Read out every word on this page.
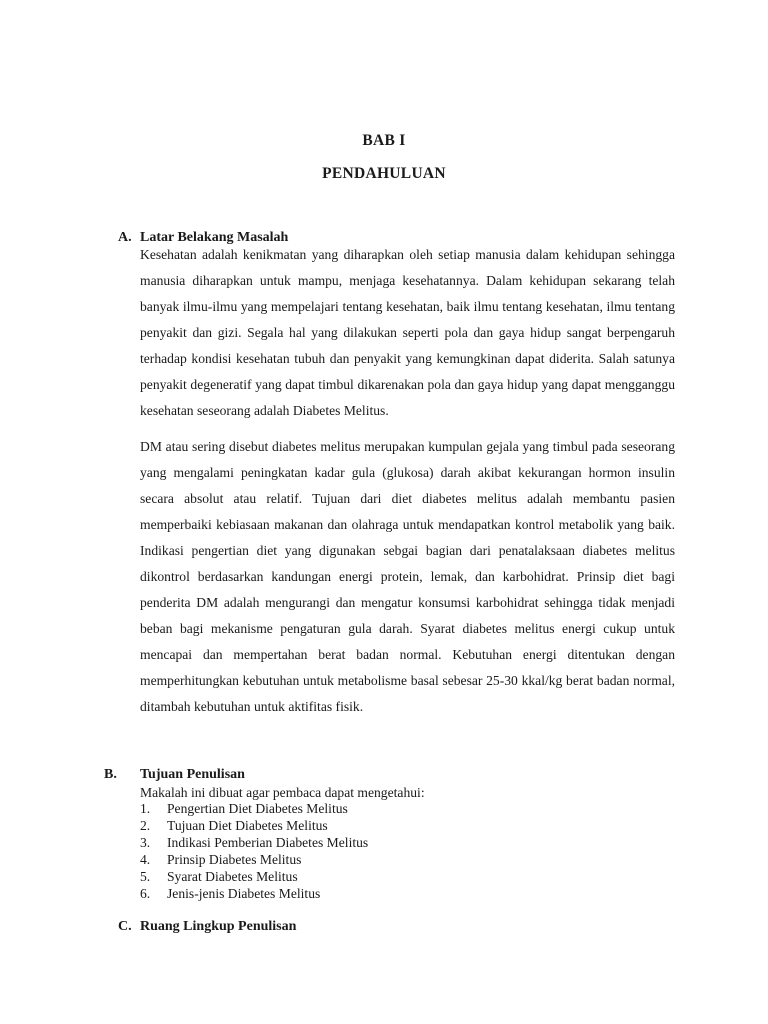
BAB I
PENDAHULUAN
A. Latar Belakang Masalah

Kesehatan adalah kenikmatan yang diharapkan oleh setiap manusia dalam kehidupan sehingga manusia diharapkan untuk mampu, menjaga kesehatannya. Dalam kehidupan sekarang telah banyak ilmu-ilmu yang mempelajari tentang kesehatan, baik ilmu tentang kesehatan, ilmu tentang penyakit dan gizi. Segala hal yang dilakukan seperti pola dan gaya hidup sangat berpengaruh terhadap kondisi kesehatan tubuh dan penyakit yang kemungkinan dapat diderita. Salah satunya penyakit degeneratif yang dapat timbul dikarenakan pola dan gaya hidup yang dapat mengganggu kesehatan seseorang adalah Diabetes Melitus.

DM atau sering disebut diabetes melitus merupakan kumpulan gejala yang timbul pada seseorang yang mengalami peningkatan kadar gula (glukosa) darah akibat kekurangan hormon insulin secara absolut atau relatif. Tujuan dari diet diabetes melitus adalah membantu pasien memperbaiki kebiasaan makanan dan olahraga untuk mendapatkan kontrol metabolik yang baik. Indikasi pengertian diet yang digunakan sebgai bagian dari penatalaksaan diabetes melitus dikontrol berdasarkan kandungan energi protein, lemak, dan karbohidrat. Prinsip diet bagi penderita DM adalah mengurangi dan mengatur konsumsi karbohidrat sehingga tidak menjadi beban bagi mekanisme pengaturan gula darah. Syarat diabetes melitus energi cukup untuk mencapai dan mempertahan berat badan normal. Kebutuhan energi ditentukan dengan memperhitungkan kebutuhan untuk metabolisme basal sebesar 25-30 kkal/kg berat badan normal, ditambah kebutuhan untuk aktifitas fisik.

B. Tujuan Penulisan
Makalah ini dibuat agar pembaca dapat mengetahui:
1.	Pengertian Diet Diabetes Melitus
2.	Tujuan Diet Diabetes Melitus
3.	Indikasi Pemberian Diabetes Melitus
4.	Prinsip Diabetes Melitus
5.	Syarat Diabetes Melitus
6.	Jenis-jenis Diabetes Melitus
C. Ruang Lingkup Penulisan
